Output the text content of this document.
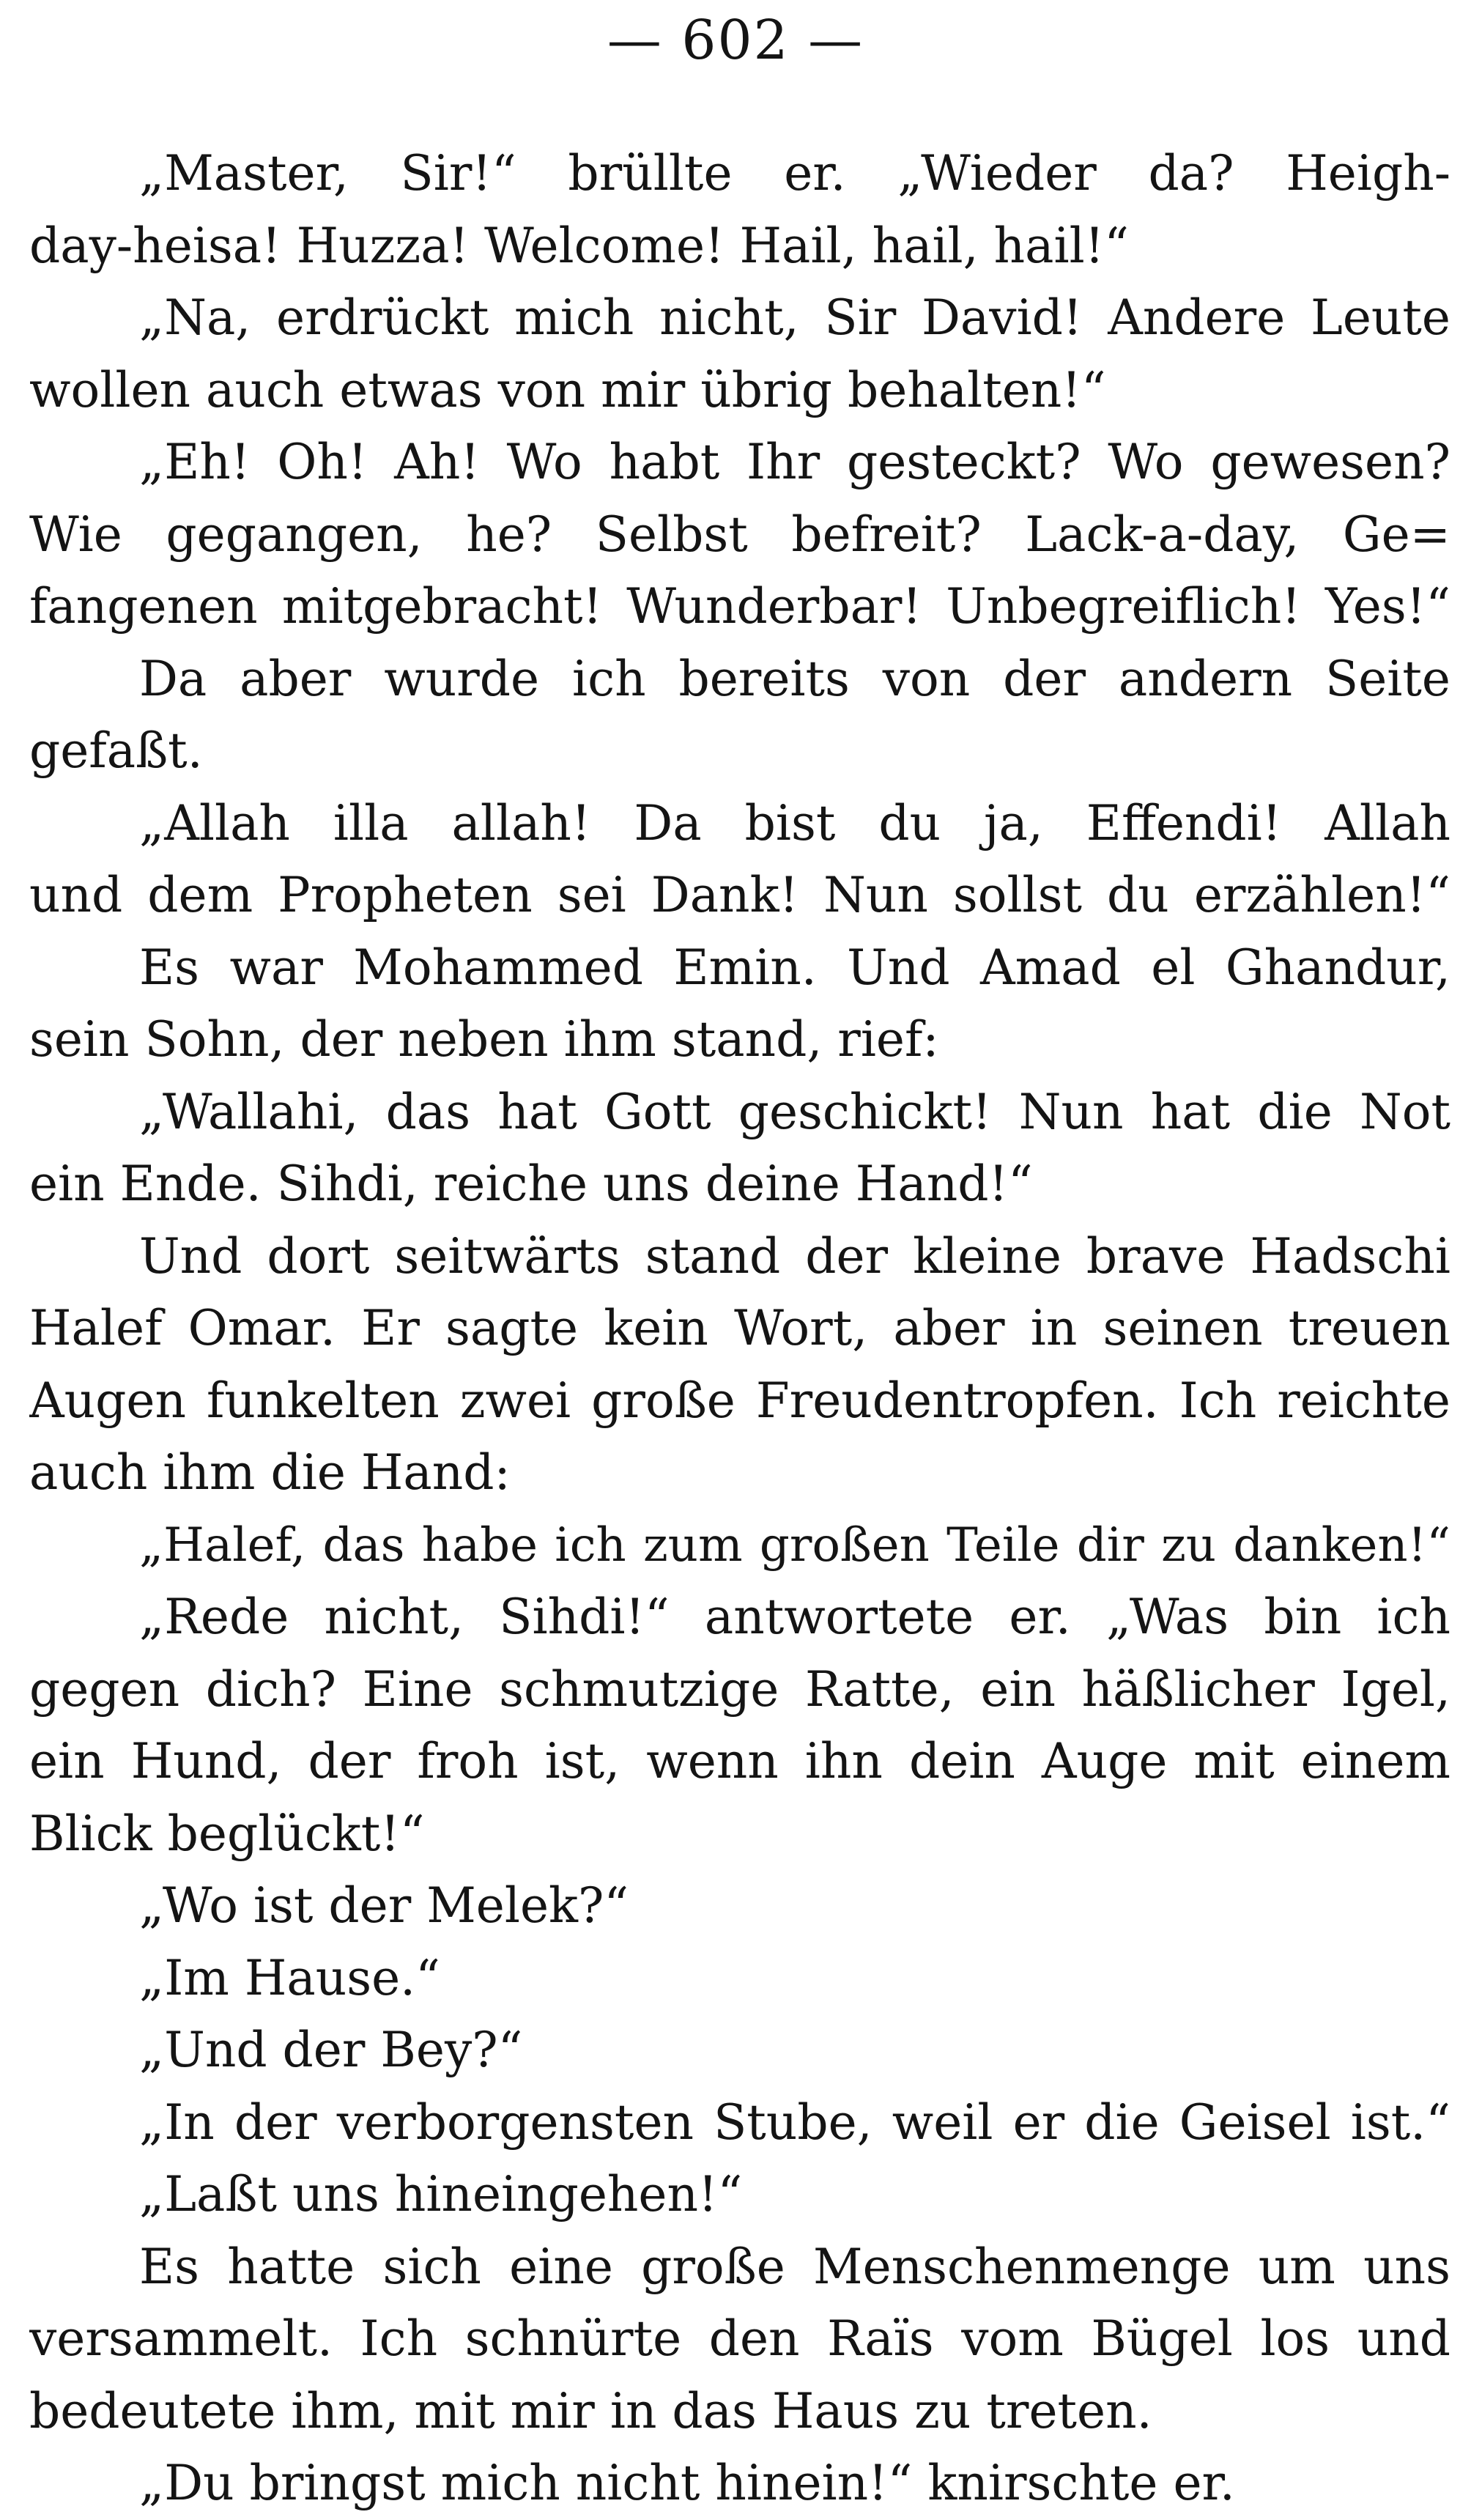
— 602 —
„Master, Sir!“ brüllte er. „Wieder da? Heigh-
day-heisa! Huzza! Welcome! Hail, hail, hail!“
„Na, erdrückt mich nicht, Sir David! Andere Leute
wollen auch etwas von mir übrig behalten!“
„Eh! Oh! Ah! Wo habt Ihr gesteckt? Wo gewesen?
Wie gegangen, he? Selbst befreit? Lack-a-day, Ge=
fangenen mitgebracht! Wunderbar! Unbegreiflich! Yes!“
Da aber wurde ich bereits von der andern Seite
gefaßt.
„Allah illa allah! Da bist du ja, Effendi! Allah
und dem Propheten sei Dank! Nun sollst du erzählen!“
Es war Mohammed Emin. Und Amad el Ghandur,
sein Sohn, der neben ihm stand, rief:
„Wallahi, das hat Gott geschickt! Nun hat die Not
ein Ende. Sihdi, reiche uns deine Hand!“
Und dort seitwärts stand der kleine brave Hadschi
Halef Omar. Er sagte kein Wort, aber in seinen treuen
Augen funkelten zwei große Freudentropfen. Ich reichte
auch ihm die Hand:
„Halef, das habe ich zum großen Teile dir zu danken!“
„Rede nicht, Sihdi!“ antwortete er. „Was bin ich
gegen dich? Eine schmutzige Ratte, ein häßlicher Igel,
ein Hund, der froh ist, wenn ihn dein Auge mit einem
Blick beglückt!“
„Wo ist der Melek?“
„Im Hause.“
„Und der Bey?“
„In der verborgensten Stube, weil er die Geisel ist.“
„Laßt uns hineingehen!“
Es hatte sich eine große Menschenmenge um uns
versammelt. Ich schnürte den Raïs vom Bügel los und
bedeutete ihm, mit mir in das Haus zu treten.
„Du bringst mich nicht hinein!“ knirschte er.
